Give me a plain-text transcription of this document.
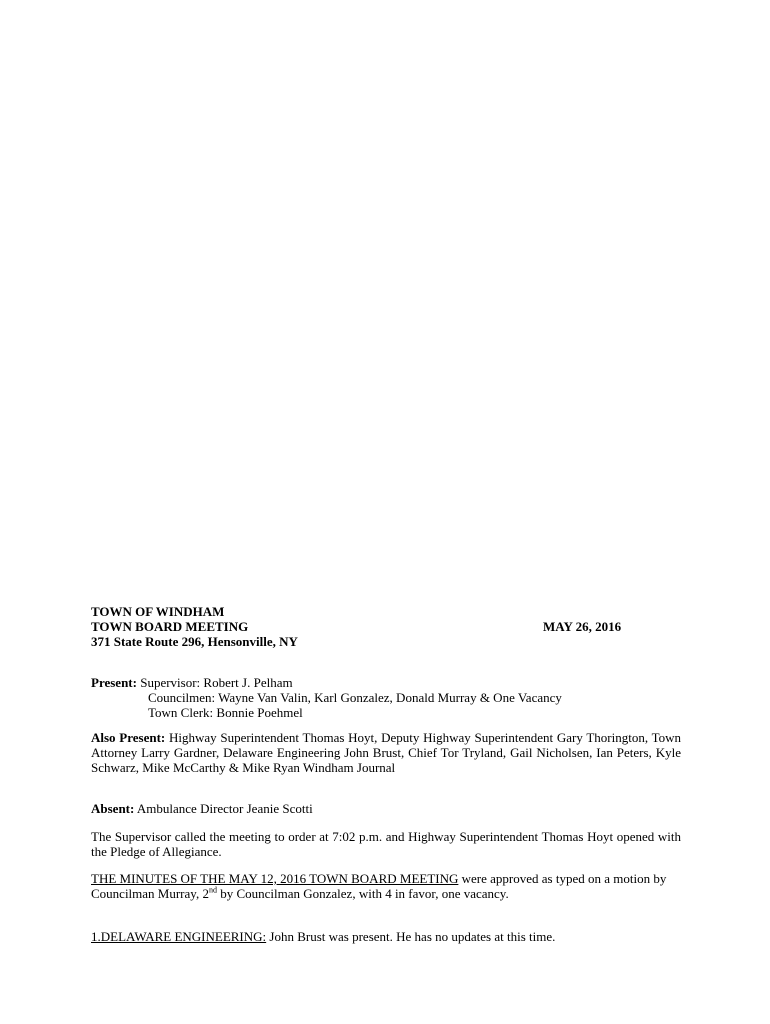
TOWN OF WINDHAM
TOWN BOARD MEETING	MAY 26, 2016
371 State Route 296, Hensonville, NY
Present: Supervisor: Robert J. Pelham
Councilmen: Wayne Van Valin, Karl Gonzalez, Donald Murray & One Vacancy
Town Clerk: Bonnie Poehmel
Also Present: Highway Superintendent Thomas Hoyt, Deputy Highway Superintendent Gary Thorington, Town Attorney Larry Gardner, Delaware Engineering John Brust, Chief Tor Tryland, Gail Nicholsen, Ian Peters, Kyle Schwarz, Mike McCarthy & Mike Ryan Windham Journal
Absent: Ambulance Director Jeanie Scotti
The Supervisor called the meeting to order at 7:02 p.m. and Highway Superintendent Thomas Hoyt opened with the Pledge of Allegiance.
THE MINUTES OF THE MAY 12, 2016 TOWN BOARD MEETING were approved as typed on a motion by Councilman Murray, 2nd by Councilman Gonzalez, with 4 in favor, one vacancy.
1.DELAWARE ENGINEERING: John Brust was present. He has no updates at this time.
